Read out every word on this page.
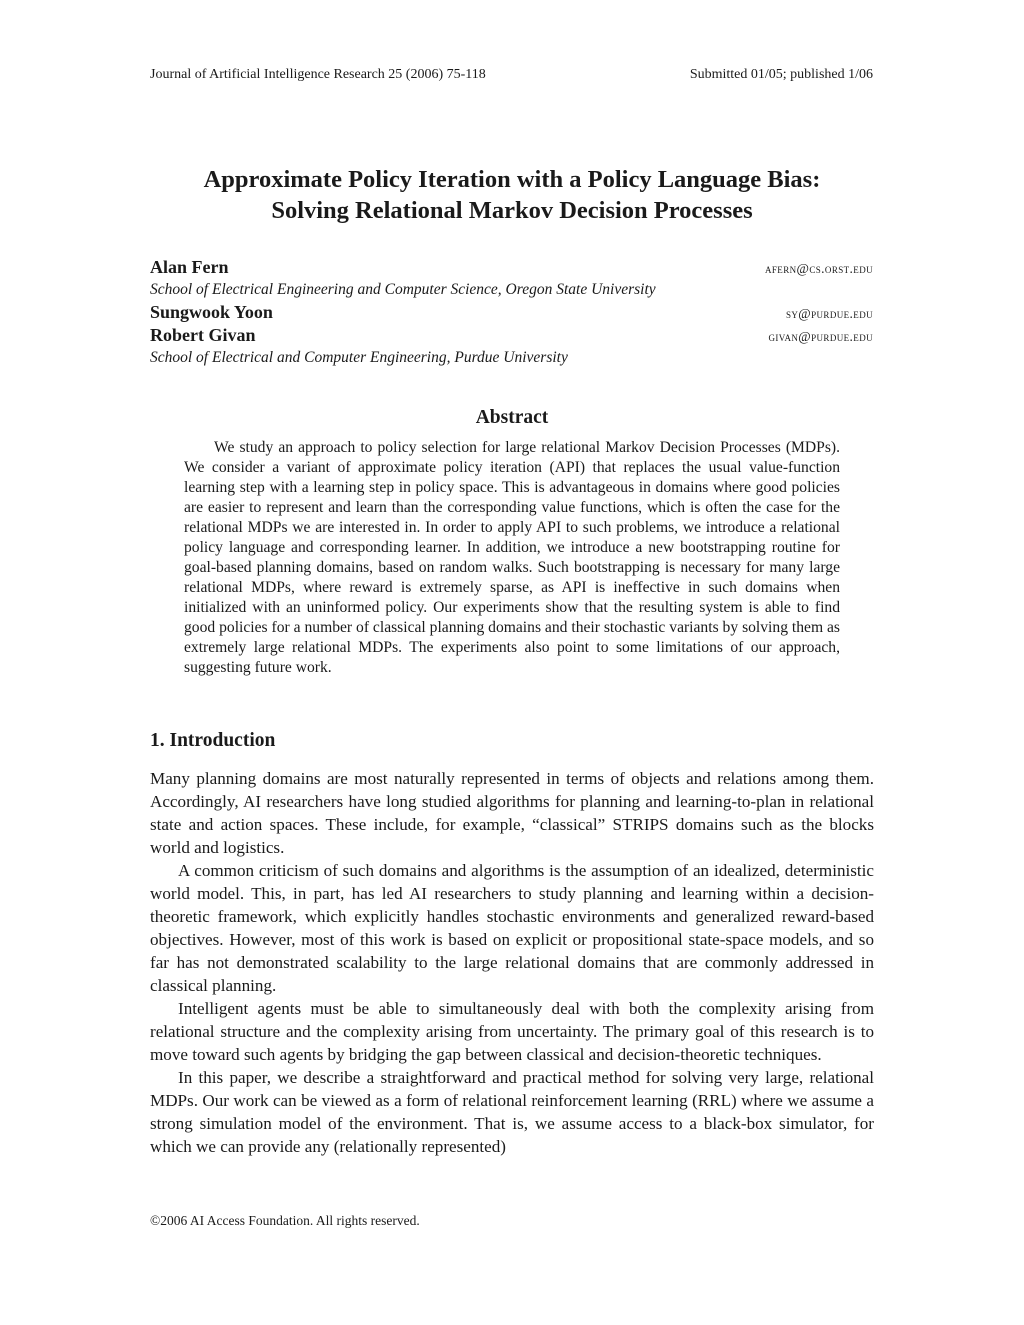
Journal of Artificial Intelligence Research 25 (2006) 75-118	Submitted 01/05; published 1/06
Approximate Policy Iteration with a Policy Language Bias:
Solving Relational Markov Decision Processes
Alan Fern	afern@cs.orst.edu
School of Electrical Engineering and Computer Science, Oregon State University
Sungwook Yoon	sy@purdue.edu
Robert Givan	givan@purdue.edu
School of Electrical and Computer Engineering, Purdue University
Abstract
We study an approach to policy selection for large relational Markov Decision Processes (MDPs). We consider a variant of approximate policy iteration (API) that replaces the usual value-function learning step with a learning step in policy space. This is advantageous in domains where good policies are easier to represent and learn than the corresponding value functions, which is often the case for the relational MDPs we are interested in. In order to apply API to such problems, we introduce a relational policy language and corresponding learner. In addition, we introduce a new bootstrapping routine for goal-based planning domains, based on random walks. Such bootstrapping is necessary for many large relational MDPs, where reward is extremely sparse, as API is ineffective in such domains when initialized with an uninformed policy. Our experiments show that the resulting system is able to find good policies for a number of classical planning domains and their stochastic variants by solving them as extremely large relational MDPs. The experiments also point to some limitations of our approach, suggesting future work.
1. Introduction

Many planning domains are most naturally represented in terms of objects and relations among them. Accordingly, AI researchers have long studied algorithms for planning and learning-to-plan in relational state and action spaces. These include, for example, “classical” STRIPS domains such as the blocks world and logistics.

A common criticism of such domains and algorithms is the assumption of an idealized, deterministic world model. This, in part, has led AI researchers to study planning and learning within a decision-theoretic framework, which explicitly handles stochastic environments and generalized reward-based objectives. However, most of this work is based on explicit or propositional state-space models, and so far has not demonstrated scalability to the large relational domains that are commonly addressed in classical planning.

Intelligent agents must be able to simultaneously deal with both the complexity arising from relational structure and the complexity arising from uncertainty. The primary goal of this research is to move toward such agents by bridging the gap between classical and decision-theoretic techniques.

In this paper, we describe a straightforward and practical method for solving very large, relational MDPs. Our work can be viewed as a form of relational reinforcement learning (RRL) where we assume a strong simulation model of the environment. That is, we assume access to a black-box simulator, for which we can provide any (relationally represented)

©2006 AI Access Foundation. All rights reserved.
